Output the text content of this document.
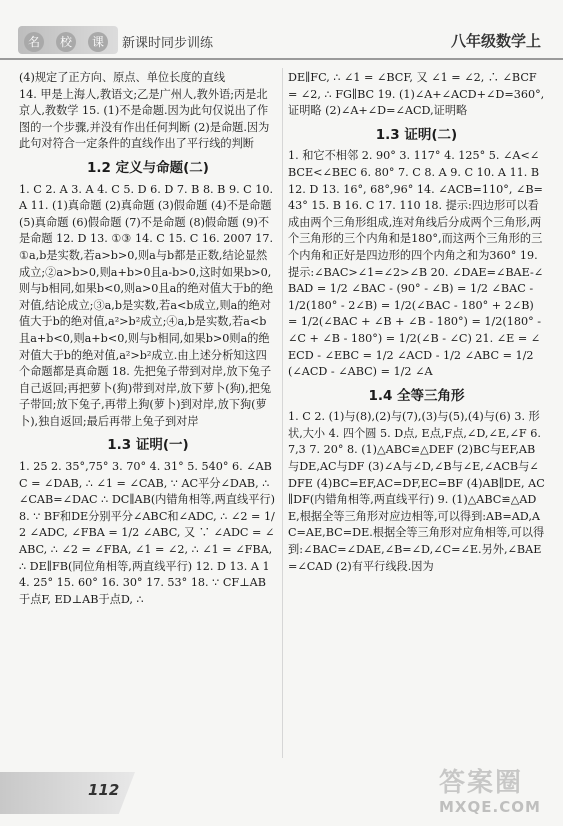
名	校	课	新课时同步训练	八年级数学上

(4)规定了正方向、原点、单位长度的直线

14. 甲是上海人,教语文;乙是广州人,教外语;丙是北京人,教数学 15. (1)不是命题.因为此句仅说出了作图的一个步骤,并没有作出任何判断 (2)是命题.因为此句对符合一定条件的直线作出了平行线的判断

1.2 定义与命题(二)

1. C 2. A 3. A 4. C 5. D 6. D 7. B 8. B 9. C 10. A 11. (1)真命题 (2)真命题 (3)假命题 (4)不是命题 (5)真命题 (6)假命题 (7)不是命题 (8)假命题 (9)不是命题 12. D 13. ①③ 14. C 15. C 16. 2007 17. ①a,b是实数,若a>b>0,则a与b都是正数,结论显然成立;②a>b>0,则a+b>0且a-b>0,这时如果b>0,则与b相同,如果b<0,则a>0且a的绝对值大于b的绝对值,结论成立;③a,b是实数,若a<b成立,则a的绝对值大于b的绝对值,a²>b²成立;④a,b是实数,若a<b且a+b<0,则a+b<0,则与b相同,如果b>0则a的绝对值大于b的绝对值,a²>b²成立.由上述分析知这四个命题都是真命题 18. 先把兔子带到对岸,放下兔子自己返回;再把萝卜(狗)带到对岸,放下萝卜(狗),把兔子带回;放下兔子,再带上狗(萝卜)到对岸,放下狗(萝卜),独自返回;最后再带上兔子到对岸

1.3 证明(一)

1. 25 2. 35°,75° 3. 70° 4. 31° 5. 540° 6. ∠ABC = ∠DAB, ∴ ∠1 = ∠CAB, ∵ AC平分∠DAB, ∴ ∠CAB=∠DAC ∴ DC∥AB(内错角相等,两直线平行) 8. ∵ BF和DE分别平分∠ABC和∠ADC, ∴ ∠2 = 1/2 ∠ADC, ∠FBA = 1/2 ∠ABC, 又 ∵ ∠ADC = ∠ABC, ∴ ∠2 = ∠FBA, ∠1 = ∠2, ∴ ∠1 = ∠FBA, ∴ DE∥FB(同位角相等,两直线平行) 12. D 13. A 14. 25° 15. 60° 16. 30° 17. 53° 18. ∵ CF⊥AB于点F, ED⊥AB于点D, ∴

DE∥FC, ∴ ∠1 = ∠BCF, 又 ∠1 = ∠2, ∴ ∠BCF = ∠2, ∴ FG∥BC 19. (1)∠A+∠ACD+∠D=360°,证明略 (2)∠A+∠D=∠ACD,证明略

1.3 证明(二)

1. 和它不相邻 2. 90° 3. 117° 4. 125° 5. ∠A<∠BCE<∠BEC 6. 80° 7. C 8. A 9. C 10. A 11. B 12. D 13. 16°, 68°,96° 14. ∠ACB=110°, ∠B=43° 15. B 16. C 17. 110 18. 提示:四边形可以看成由两个三角形组成,连对角线后分成两个三角形,两个三角形的三个内角和是180°,而这两个三角形的三个内角和正好是四边形的四个内角之和为360° 19. 提示:∠BAC>∠1=∠2>∠B 20. ∠DAE=∠BAE-∠BAD = 1/2 ∠BAC - (90° - ∠B) = 1/2 ∠BAC - 1/2(180° - 2∠B) = 1/2(∠BAC - 180° + 2∠B) = 1/2(∠BAC + ∠B + ∠B - 180°) = 1/2(180° - ∠C + ∠B - 180°) = 1/2(∠B - ∠C) 21. ∠E = ∠ECD - ∠EBC = 1/2 ∠ACD - 1/2 ∠ABC = 1/2(∠ACD - ∠ABC) = 1/2 ∠A

1.4 全等三角形

1. C 2. (1)与(8),(2)与(7),(3)与(5),(4)与(6) 3. 形状,大小 4. 四个圆 5. D点, E点,F点,∠D,∠E,∠F 6. 7,3 7. 20° 8. (1)△ABC≌△DEF (2)BC与EF,AB与DE,AC与DF (3)∠A与∠D,∠B与∠E,∠ACB与∠DFE (4)BC=EF,AC=DF,EC=BF (4)AB∥DE, AC∥DF(内错角相等,两直线平行) 9. (1)△ABC≌△ADE,根据全等三角形对应边相等,可以得到:AB=AD,AC=AE,BC=DE.根据全等三角形对应角相等,可以得到:∠BAC=∠DAE,∠B=∠D,∠C=∠E.另外,∠BAE=∠CAD (2)有平行线段.因为

112	答案圈
MXQE.COM
